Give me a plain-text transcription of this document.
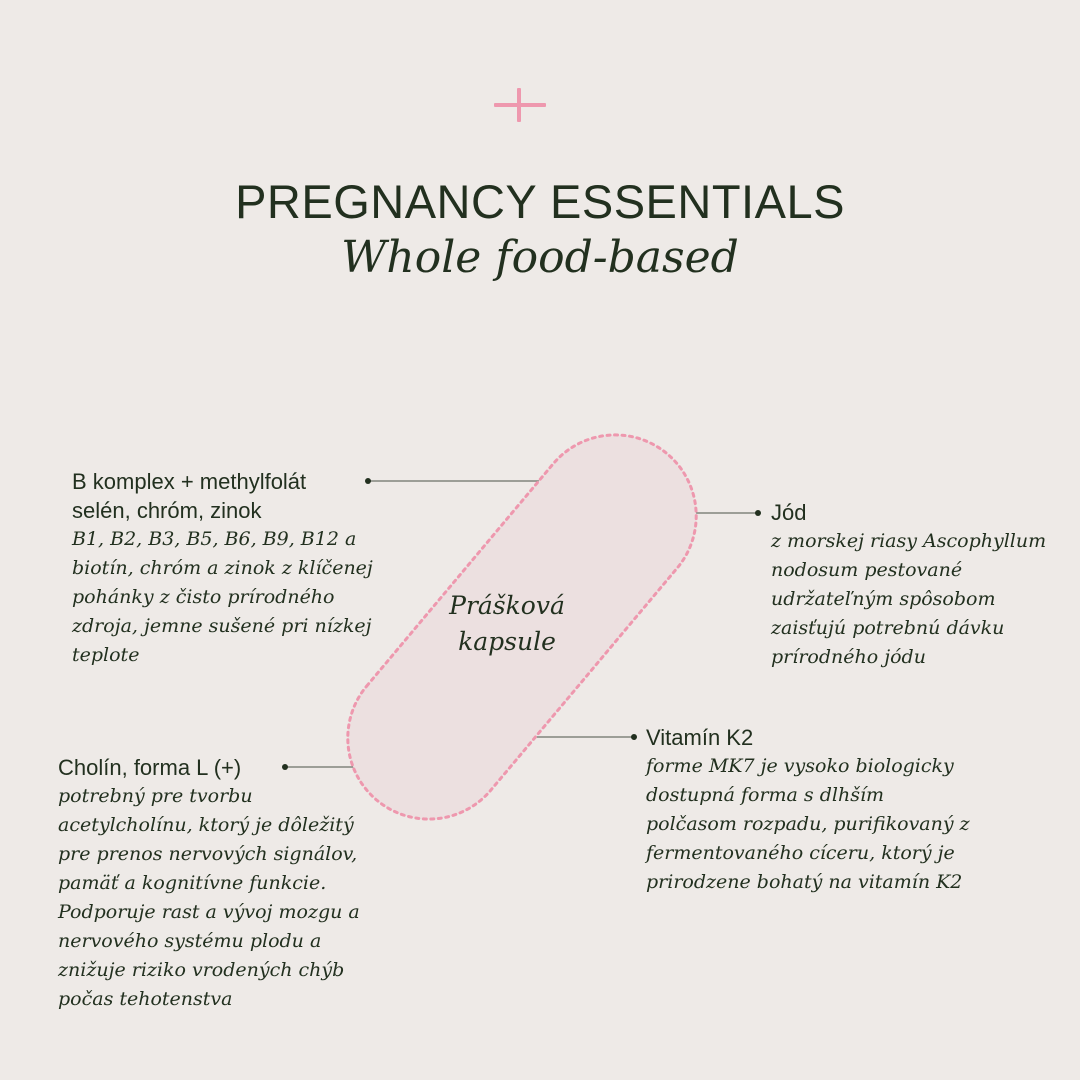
PREGNANCY ESSENTIALS
Whole food-based
Prášková
kapsule
B komplex + methylfolát
selén, chróm, zinok
B1, B2, B3, B5, B6, B9, B12 a
biotín, chróm a zinok z klíčenej
pohánky z čisto prírodného
zdroja, jemne sušené pri nízkej
teplote
Jód
z morskej riasy Ascophyllum
nodosum pestované
udržateľným spôsobom
zaisťujú potrebnú dávku
prírodného jódu
Cholín, forma L (+)
potrebný pre tvorbu
acetylcholínu, ktorý je dôležitý
pre prenos nervových signálov,
pamäť a kognitívne funkcie.
Podporuje rast a vývoj mozgu a
nervového systému plodu a
znižuje riziko vrodených chýb
počas tehotenstva
Vitamín K2
forme MK7 je vysoko biologicky
dostupná forma s dlhším
polčasom rozpadu, purifikovaný z
fermentovaného cíceru, ktorý je
prirodzene bohatý na vitamín K2
